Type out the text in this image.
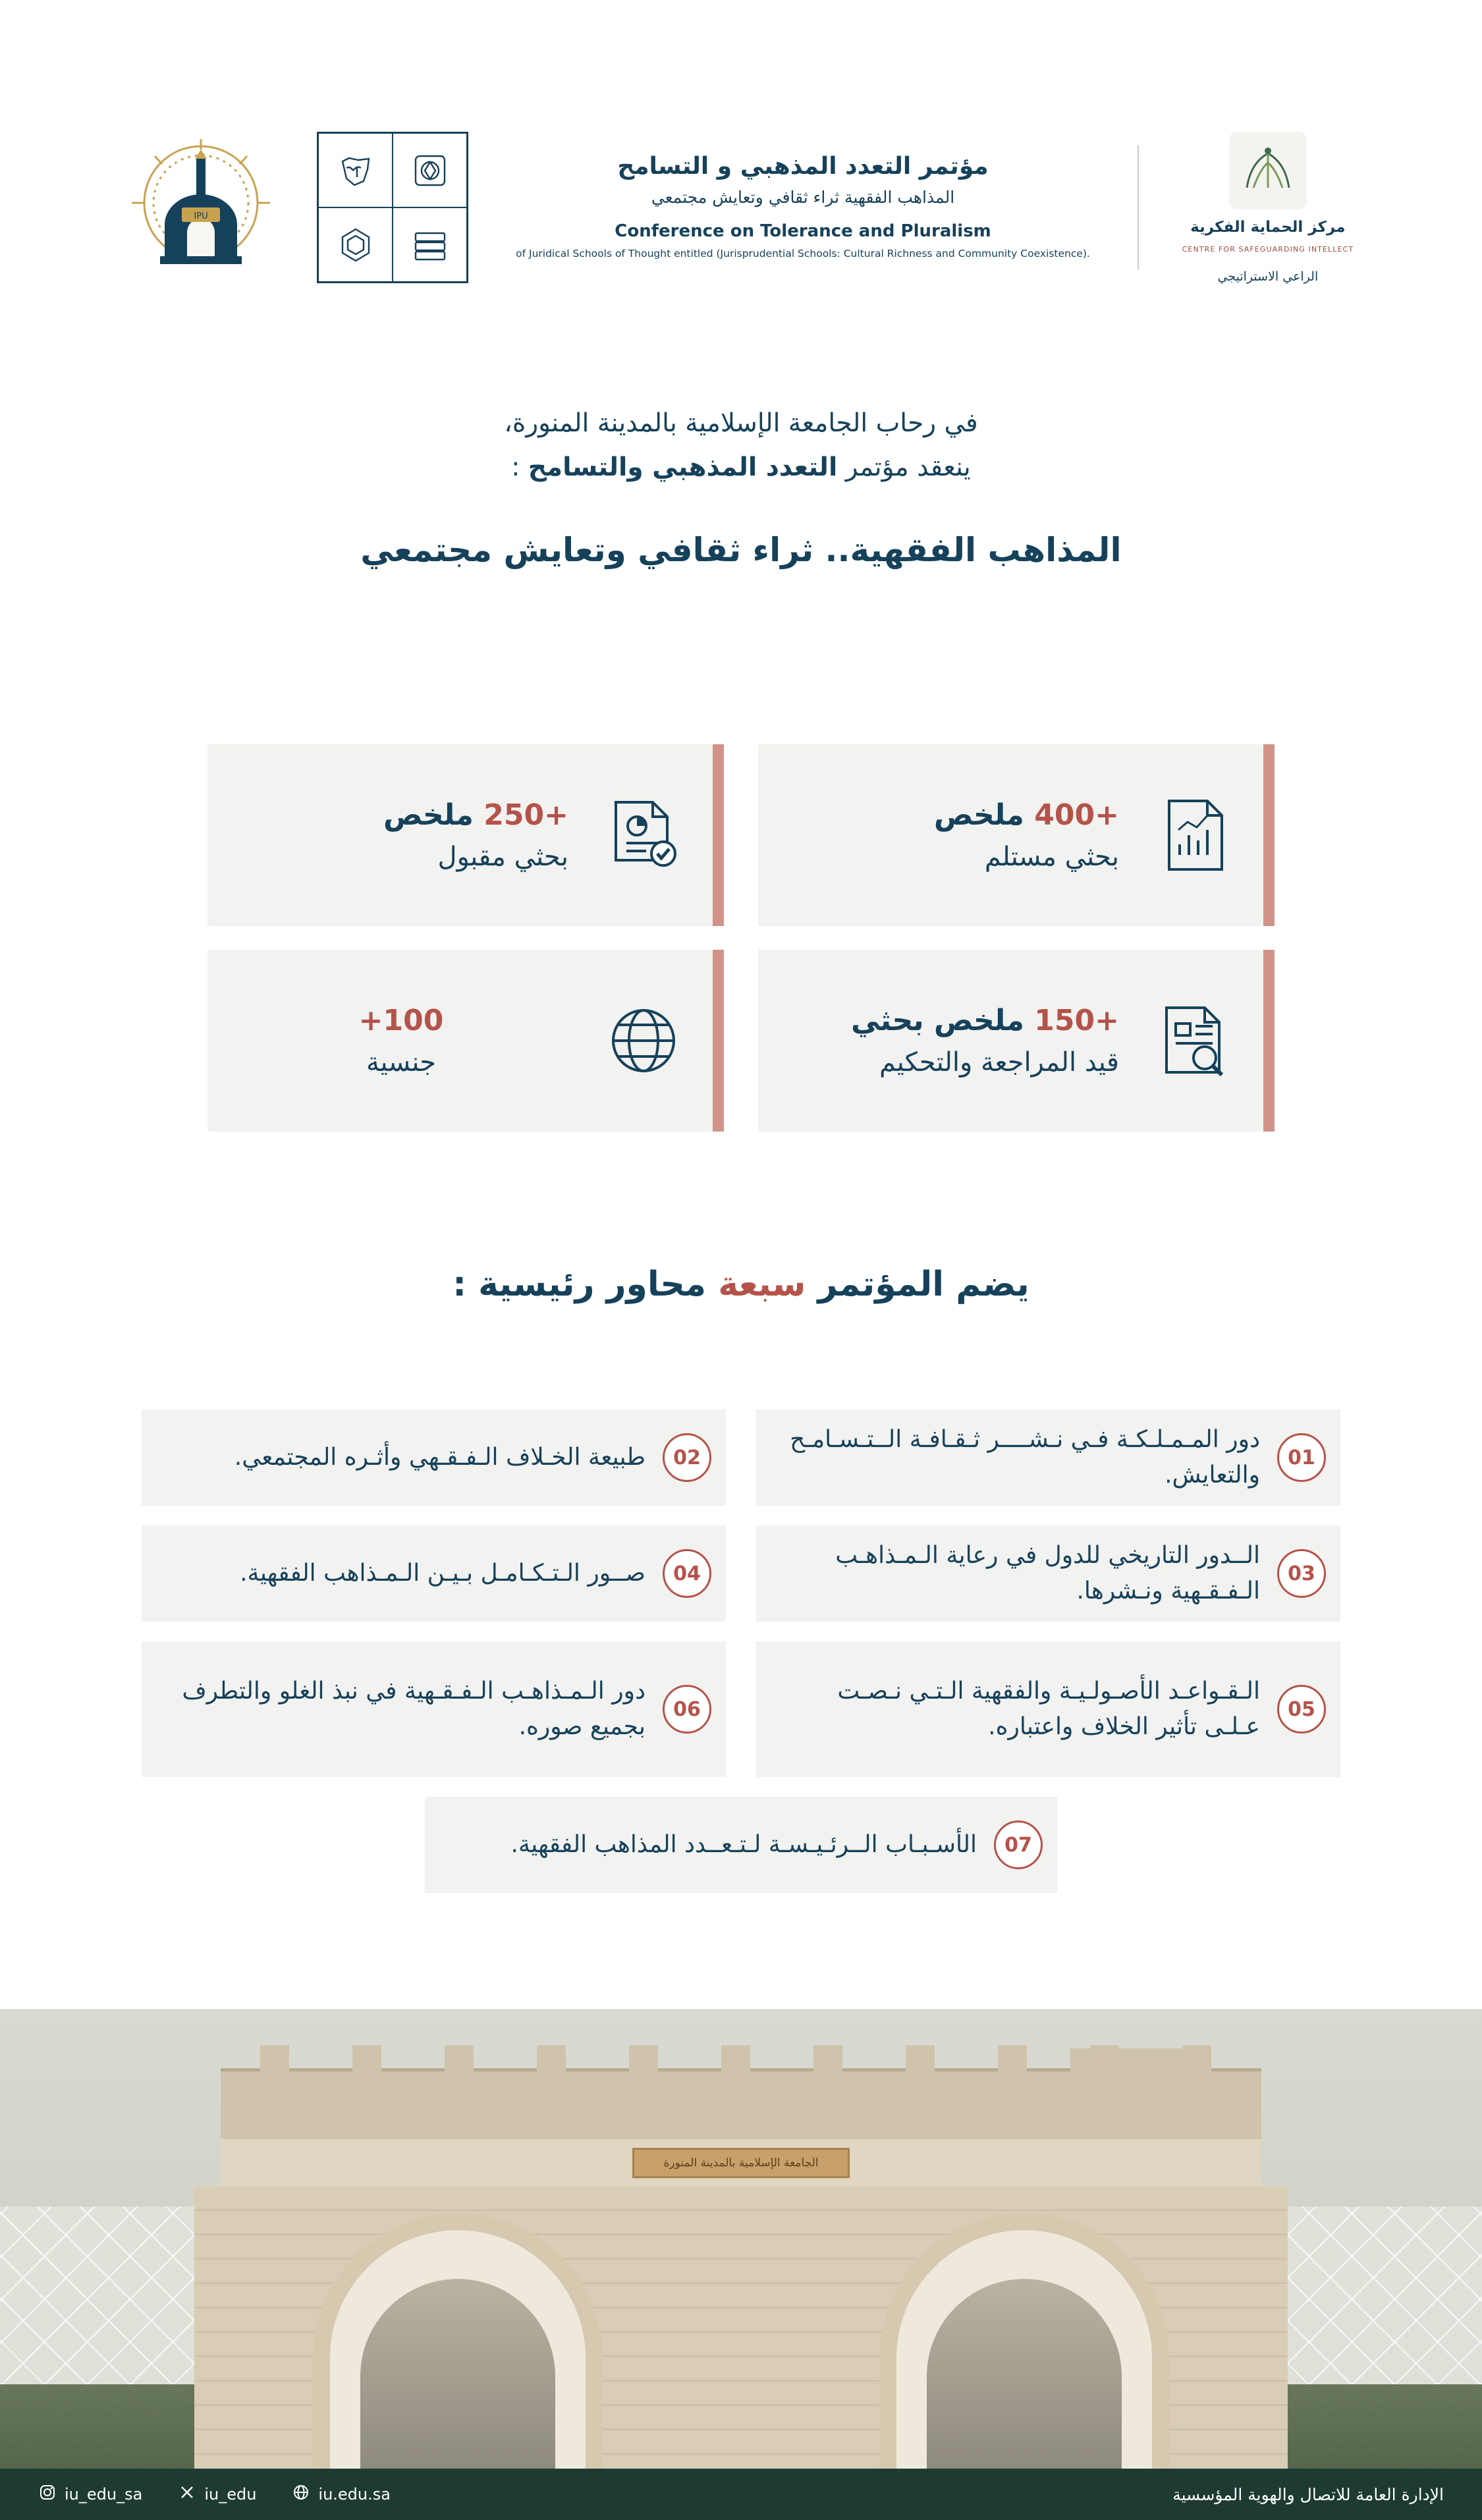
IPU
مؤتمر التعدد المذهبي و التسامح
المذاهب الفقهية ثراء ثقافي وتعايش مجتمعي
Conference on Tolerance and Pluralism
of Juridical Schools of Thought entitled (Jurisprudential Schools: Cultural Richness and Community Coexistence).
مركز الحماية الفكرية
CENTRE FOR SAFEGUARDING INTELLECT
الراعي الاستراتيجي
في رحاب الجامعة الإسلامية بالمدينة المنورة،
ينعقد مؤتمر التعدد المذهبي والتسامح :
المذاهب الفقهية.. ثراء ثقافي وتعايش مجتمعي
+400 ملخص
بحثي مستلم
+250 ملخص
بحثي مقبول
+150 ملخص بحثي
قيد المراجعة والتحكيم
+100
جنسية
يضم المؤتمر سبعة محاور رئيسية :
01
دور المـمـلـكـة فـي نـشــــر ثـقـافـة الــتـسـامـح والتعايش.
02
طبيعة الخـلاف الـفـقـهي وأثـره المجتمعي.
03
الــدور التاريخي للدول في رعاية الـمـذاهـب الـفـقـهية ونـشرها.
04
صــور الـتـكـامـل بـيـن الـمـذاهب الفقهية.
05
الـقـواعـد الأصـولـيـة والفقهية الـتـي نـصـت عـلـى تأثير الخلاف واعتباره.
06
دور الـمـذاهـب الـفـقـهية في نبذ الغلو والتطرف بجميع صوره.
07
الأسـبـاب الــرئـيـسـة لـتـعــدد المذاهب الفقهية.
الجامعة الإسلامية بالمدينة المنورة
الإدارة العامة للاتصال والهوية المؤسسية
iu_edu_sa	iu_edu	iu.edu.sa
